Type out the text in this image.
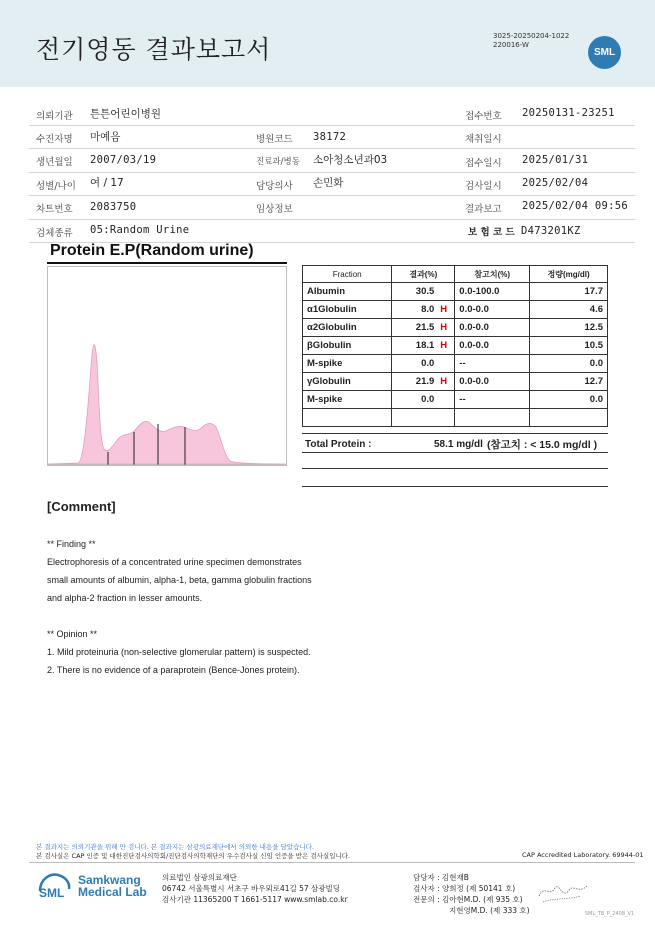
전기영동 결과보고서	3025-20250204-1022
220016-W
SML
의뢰기관 튼튼어린이병원	접수번호 20250131-23251
수진자명 마예음	병원코드 38172	채취일시
생년월일 2007/03/19	진료과/병동 소아청소년과03	접수일시 2025/01/31
성별/나이 여 / 17	담당의사 손민화	검사일시 2025/02/04
차트번호 2083750	임상정보	결과보고 2025/02/04 09:56
검체종류 05:Random Urine	보 험 코 드 D473201KZ
Protein E.P(Random urine)
Fraction	결과(%)		참고치(%)	정량(mg/dl)
Albumin	30.5		0.0-100.0	17.7
α1Globulin	8.0	H	0.0-0.0	4.6
α2Globulin	21.5	H	0.0-0.0	12.5
βGlobulin	18.1	H	0.0-0.0	10.5
M-spike	0.0		--	0.0
γGlobulin	21.9	H	0.0-0.0	12.7
M-spike	0.0		--	0.0

Total Protein :	58.1 mg/dl (참고치 : < 15.0 mg/dl )
[Comment]
** Finding **
Electrophoresis of a concentrated urine specimen demonstrates
small amounts of albumin, alpha-1, beta, gamma globulin fractions
and alpha-2 fraction in lesser amounts.
** Opinion **
1. Mild proteinuria (non-selective glomerular pattern) is suspected.
2. There is no evidence of a paraprotein (Bence-Jones protein).
본 결과지는 의뢰기관을 위해 만 검니다. 본 결과지는 삼광의료재단에서 의뢰한 내용을 담았습니다.
본 검사실은 CAP 인증 및 대한진단검사의학회/진단검사의학재단의 우수검사실 신임 인증을 받은 검사실입니다.	CAP Accredited Laboratory. 69944-01
SML
Samkwang
Medical Lab
의료법인 삼광의료재단
06742 서울특별시 서초구 바우뫼로41길 57 삼광빌딩
검사기관 11365200 T 1661-5117 www.smlab.co.kr
담당자 : 김현재B
검사자 : 양희정 (제 50141 호)
전문의 : 김아현M.D. (제 935 호)
지현영M.D. (제 333 호)	SML_TB_P_2408_V1
